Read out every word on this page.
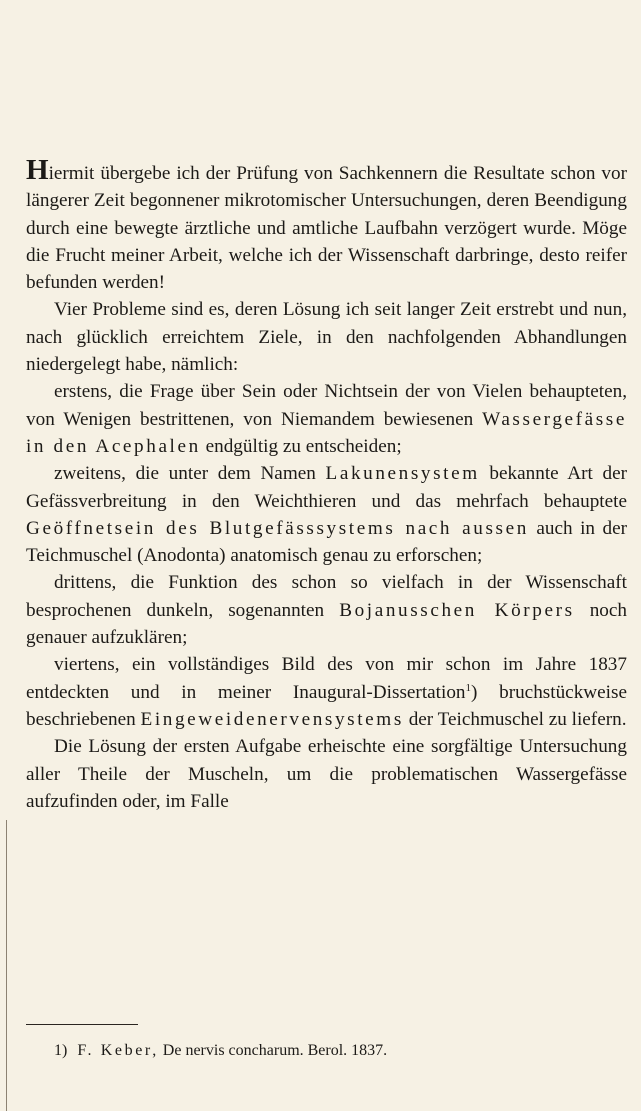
Hiermit übergebe ich der Prüfung von Sachkennern die Resultate schon vor längerer Zeit begonnener mikrotomischer Untersuchungen, deren Beendigung durch eine bewegte ärztliche und amtliche Laufbahn verzögert wurde. Möge die Frucht meiner Arbeit, welche ich der Wissenschaft darbringe, desto reifer befunden werden!

Vier Probleme sind es, deren Lösung ich seit langer Zeit erstrebt und nun, nach glücklich erreichtem Ziele, in den nachfolgenden Abhandlungen niedergelegt habe, nämlich:

erstens, die Frage über Sein oder Nichtsein der von Vielen behaupteten, von Wenigen bestrittenen, von Niemandem bewiesenen Wassergefässe in den Acephalen endgültig zu entscheiden;

zweitens, die unter dem Namen Lakunensystem bekannte Art der Gefässverbreitung in den Weichthieren und das mehrfach behauptete Geöffnetsein des Blutgefässsystems nach aussen auch in der Teichmuschel (Anodonta) anatomisch genau zu erforschen;

drittens, die Funktion des schon so vielfach in der Wissenschaft besprochenen dunkeln, sogenannten Bojanusschen Körpers noch genauer aufzuklären;

viertens, ein vollständiges Bild des von mir schon im Jahre 1837 entdeckten und in meiner Inaugural-Dissertation$^1$) bruchstückweise beschriebenen Eingeweidenervensystems der Teichmuschel zu liefern.

Die Lösung der ersten Aufgabe erheischte eine sorgfältige Untersuchung aller Theile der Muscheln, um die problematischen Wassergefässe aufzufinden oder, im Falle

1) F. Keber, De nervis concharum. Berol. 1837.
